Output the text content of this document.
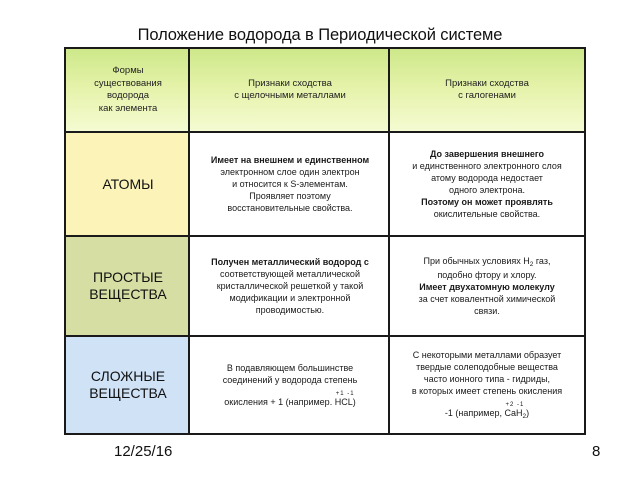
Положение водорода в Периодической системе
Формы
существования
водорода
как элемента
Признаки сходства
с щелочными металлами
Признаки сходства
с галогенами
АТОМЫ
Имеет на внешнем и единственном
электронном слое один электрон
и относится к S-элементам.
Проявляет поэтому
восстановительные свойства.
До завершения внешнего
и единственного электронного слоя
атому водорода недостает
одного электрона.
Поэтому он может проявлять
окислительные свойства.
ПРОСТЫЕ
ВЕЩЕСТВА
Получен металлический водород с
соответствующей металлической
кристаллической решеткой у такой
модификации и электронной
проводимостью.
При обычных условиях $H_2$ газ,
подобно фтору и хлору.
Имеет двухатомную молекулу
за счет ковалентной химической
связи.
СЛОЖНЫЕ
ВЕЩЕСТВА
В подавляющем большинстве
соединений у водорода степень
окисления + 1 (например.
+1 -1
HCL)
С некоторыми металлами образует
твердые солеподобные вещества
часто ионного типа - гидриды,
в которых имеет степень окисления
-1 (например,
+2 -1
CaH$_2$)
12/25/16	8
